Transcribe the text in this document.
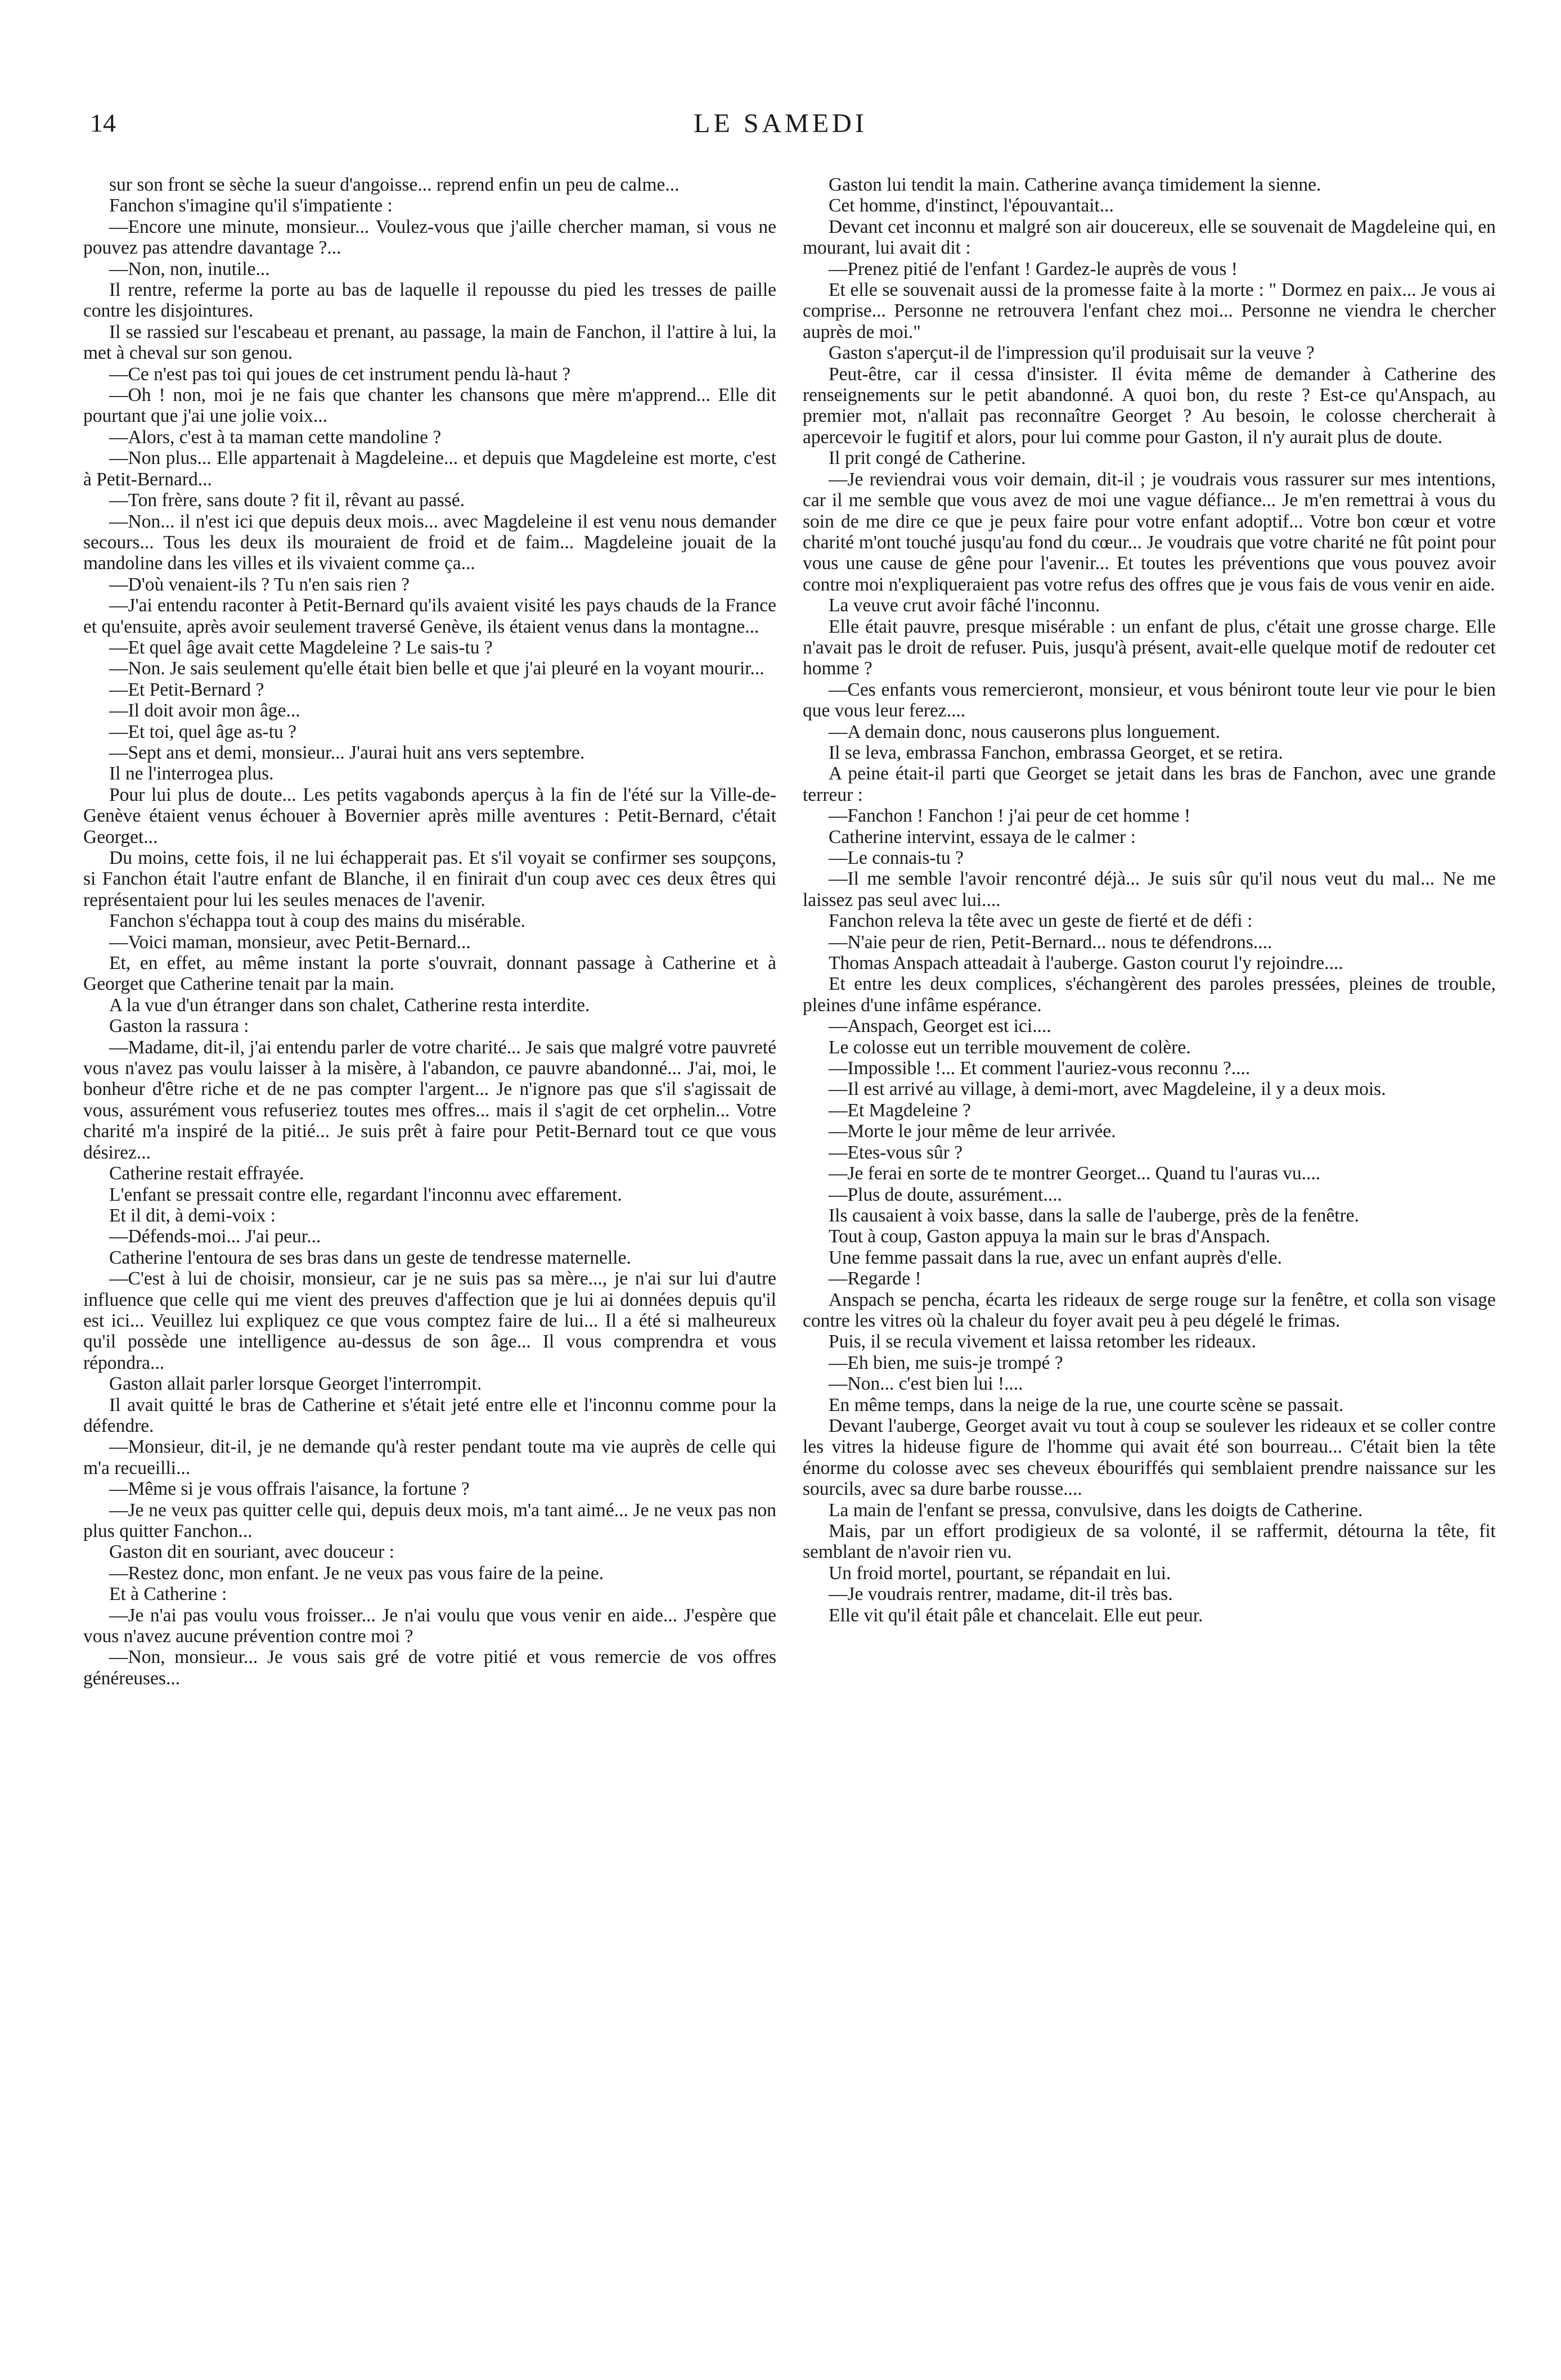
14	LE SAMEDI

sur son front se sèche la sueur d'angoisse... reprend enfin un peu de calme...

Fanchon s'imagine qu'il s'impatiente :

—Encore une minute, monsieur... Voulez-vous que j'aille chercher maman, si vous ne pouvez pas attendre davantage ?...

—Non, non, inutile...

Il rentre, referme la porte au bas de laquelle il repousse du pied les tresses de paille contre les disjointures.

Il se rassied sur l'escabeau et prenant, au passage, la main de Fanchon, il l'attire à lui, la met à cheval sur son genou.

—Ce n'est pas toi qui joues de cet instrument pendu là-haut ?

—Oh ! non, moi je ne fais que chanter les chansons que mère m'apprend... Elle dit pourtant que j'ai une jolie voix...

—Alors, c'est à ta maman cette mandoline ?

—Non plus... Elle appartenait à Magdeleine... et depuis que Magdeleine est morte, c'est à Petit-Bernard...

—Ton frère, sans doute ? fit il, rêvant au passé.

—Non... il n'est ici que depuis deux mois... avec Magdeleine il est venu nous demander secours... Tous les deux ils mouraient de froid et de faim... Magdeleine jouait de la mandoline dans les villes et ils vivaient comme ça...

—D'où venaient-ils ? Tu n'en sais rien ?

—J'ai entendu raconter à Petit-Bernard qu'ils avaient visité les pays chauds de la France et qu'ensuite, après avoir seulement traversé Genève, ils étaient venus dans la montagne...

—Et quel âge avait cette Magdeleine ? Le sais-tu ?

—Non. Je sais seulement qu'elle était bien belle et que j'ai pleuré en la voyant mourir...

—Et Petit-Bernard ?

—Il doit avoir mon âge...

—Et toi, quel âge as-tu ?

—Sept ans et demi, monsieur... J'aurai huit ans vers septembre.

Il ne l'interrogea plus.

Pour lui plus de doute... Les petits vagabonds aperçus à la fin de l'été sur la Ville-de-Genève étaient venus échouer à Bovernier après mille aventures : Petit-Bernard, c'était Georget...

Du moins, cette fois, il ne lui échapperait pas. Et s'il voyait se confirmer ses soupçons, si Fanchon était l'autre enfant de Blanche, il en finirait d'un coup avec ces deux êtres qui représentaient pour lui les seules menaces de l'avenir.

Fanchon s'échappa tout à coup des mains du misérable.

—Voici maman, monsieur, avec Petit-Bernard...

Et, en effet, au même instant la porte s'ouvrait, donnant passage à Catherine et à Georget que Catherine tenait par la main.

A la vue d'un étranger dans son chalet, Catherine resta interdite.

Gaston la rassura :

—Madame, dit-il, j'ai entendu parler de votre charité... Je sais que malgré votre pauvreté vous n'avez pas voulu laisser à la misère, à l'abandon, ce pauvre abandonné... J'ai, moi, le bonheur d'être riche et de ne pas compter l'argent... Je n'ignore pas que s'il s'agissait de vous, assurément vous refuseriez toutes mes offres... mais il s'agit de cet orphelin... Votre charité m'a inspiré de la pitié... Je suis prêt à faire pour Petit-Bernard tout ce que vous désirez...

Catherine restait effrayée.

L'enfant se pressait contre elle, regardant l'inconnu avec effarement.

Et il dit, à demi-voix :

—Défends-moi... J'ai peur...

Catherine l'entoura de ses bras dans un geste de tendresse maternelle.

—C'est à lui de choisir, monsieur, car je ne suis pas sa mère..., je n'ai sur lui d'autre influence que celle qui me vient des preuves d'affection que je lui ai données depuis qu'il est ici... Veuillez lui expliquez ce que vous comptez faire de lui... Il a été si malheureux qu'il possède une intelligence au-dessus de son âge... Il vous comprendra et vous répondra...

Gaston allait parler lorsque Georget l'interrompit.

Il avait quitté le bras de Catherine et s'était jeté entre elle et l'inconnu comme pour la défendre.

—Monsieur, dit-il, je ne demande qu'à rester pendant toute ma vie auprès de celle qui m'a recueilli...

—Même si je vous offrais l'aisance, la fortune ?

—Je ne veux pas quitter celle qui, depuis deux mois, m'a tant aimé... Je ne veux pas non plus quitter Fanchon...

Gaston dit en souriant, avec douceur :

—Restez donc, mon enfant. Je ne veux pas vous faire de la peine.

Et à Catherine :

—Je n'ai pas voulu vous froisser... Je n'ai voulu que vous venir en aide... J'espère que vous n'avez aucune prévention contre moi ?

—Non, monsieur... Je vous sais gré de votre pitié et vous remercie de vos offres généreuses...

Gaston lui tendit la main. Catherine avança timidement la sienne.

Cet homme, d'instinct, l'épouvantait...

Devant cet inconnu et malgré son air doucereux, elle se souvenait de Magdeleine qui, en mourant, lui avait dit :

—Prenez pitié de l'enfant ! Gardez-le auprès de vous !

Et elle se souvenait aussi de la promesse faite à la morte : " Dormez en paix... Je vous ai comprise... Personne ne retrouvera l'enfant chez moi... Personne ne viendra le chercher auprès de moi."

Gaston s'aperçut-il de l'impression qu'il produisait sur la veuve ?

Peut-être, car il cessa d'insister. Il évita même de demander à Catherine des renseignements sur le petit abandonné. A quoi bon, du reste ? Est-ce qu'Anspach, au premier mot, n'allait pas reconnaître Georget ? Au besoin, le colosse chercherait à apercevoir le fugitif et alors, pour lui comme pour Gaston, il n'y aurait plus de doute.

Il prit congé de Catherine.

—Je reviendrai vous voir demain, dit-il ; je voudrais vous rassurer sur mes intentions, car il me semble que vous avez de moi une vague défiance... Je m'en remettrai à vous du soin de me dire ce que je peux faire pour votre enfant adoptif... Votre bon cœur et votre charité m'ont touché jusqu'au fond du cœur... Je voudrais que votre charité ne fût point pour vous une cause de gêne pour l'avenir... Et toutes les préventions que vous pouvez avoir contre moi n'expliqueraient pas votre refus des offres que je vous fais de vous venir en aide.

La veuve crut avoir fâché l'inconnu.

Elle était pauvre, presque misérable : un enfant de plus, c'était une grosse charge. Elle n'avait pas le droit de refuser. Puis, jusqu'à présent, avait-elle quelque motif de redouter cet homme ?

—Ces enfants vous remercieront, monsieur, et vous béniront toute leur vie pour le bien que vous leur ferez....

—A demain donc, nous causerons plus longuement.

Il se leva, embrassa Fanchon, embrassa Georget, et se retira.

A peine était-il parti que Georget se jetait dans les bras de Fanchon, avec une grande terreur :

—Fanchon ! Fanchon ! j'ai peur de cet homme !

Catherine intervint, essaya de le calmer :

—Le connais-tu ?

—Il me semble l'avoir rencontré déjà... Je suis sûr qu'il nous veut du mal... Ne me laissez pas seul avec lui....

Fanchon releva la tête avec un geste de fierté et de défi :

—N'aie peur de rien, Petit-Bernard... nous te défendrons....

Thomas Anspach atteadait à l'auberge. Gaston courut l'y rejoindre....

Et entre les deux complices, s'échangèrent des paroles pressées, pleines de trouble, pleines d'une infâme espérance.

—Anspach, Georget est ici....

Le colosse eut un terrible mouvement de colère.

—Impossible !... Et comment l'auriez-vous reconnu ?....

—Il est arrivé au village, à demi-mort, avec Magdeleine, il y a deux mois.

—Et Magdeleine ?

—Morte le jour même de leur arrivée.

—Etes-vous sûr ?

—Je ferai en sorte de te montrer Georget... Quand tu l'auras vu....

—Plus de doute, assurément....

Ils causaient à voix basse, dans la salle de l'auberge, près de la fenêtre.

Tout à coup, Gaston appuya la main sur le bras d'Anspach.

Une femme passait dans la rue, avec un enfant auprès d'elle.

—Regarde !

Anspach se pencha, écarta les rideaux de serge rouge sur la fenêtre, et colla son visage contre les vitres où la chaleur du foyer avait peu à peu dégelé le frimas.

Puis, il se recula vivement et laissa retomber les rideaux.

—Eh bien, me suis-je trompé ?

—Non... c'est bien lui !....

En même temps, dans la neige de la rue, une courte scène se passait.

Devant l'auberge, Georget avait vu tout à coup se soulever les rideaux et se coller contre les vitres la hideuse figure de l'homme qui avait été son bourreau... C'était bien la tête énorme du colosse avec ses cheveux ébouriffés qui semblaient prendre naissance sur les sourcils, avec sa dure barbe rousse....

La main de l'enfant se pressa, convulsive, dans les doigts de Catherine.

Mais, par un effort prodigieux de sa volonté, il se raffermit, détourna la tête, fit semblant de n'avoir rien vu.

Un froid mortel, pourtant, se répandait en lui.

—Je voudrais rentrer, madame, dit-il très bas.

Elle vit qu'il était pâle et chancelait. Elle eut peur.
